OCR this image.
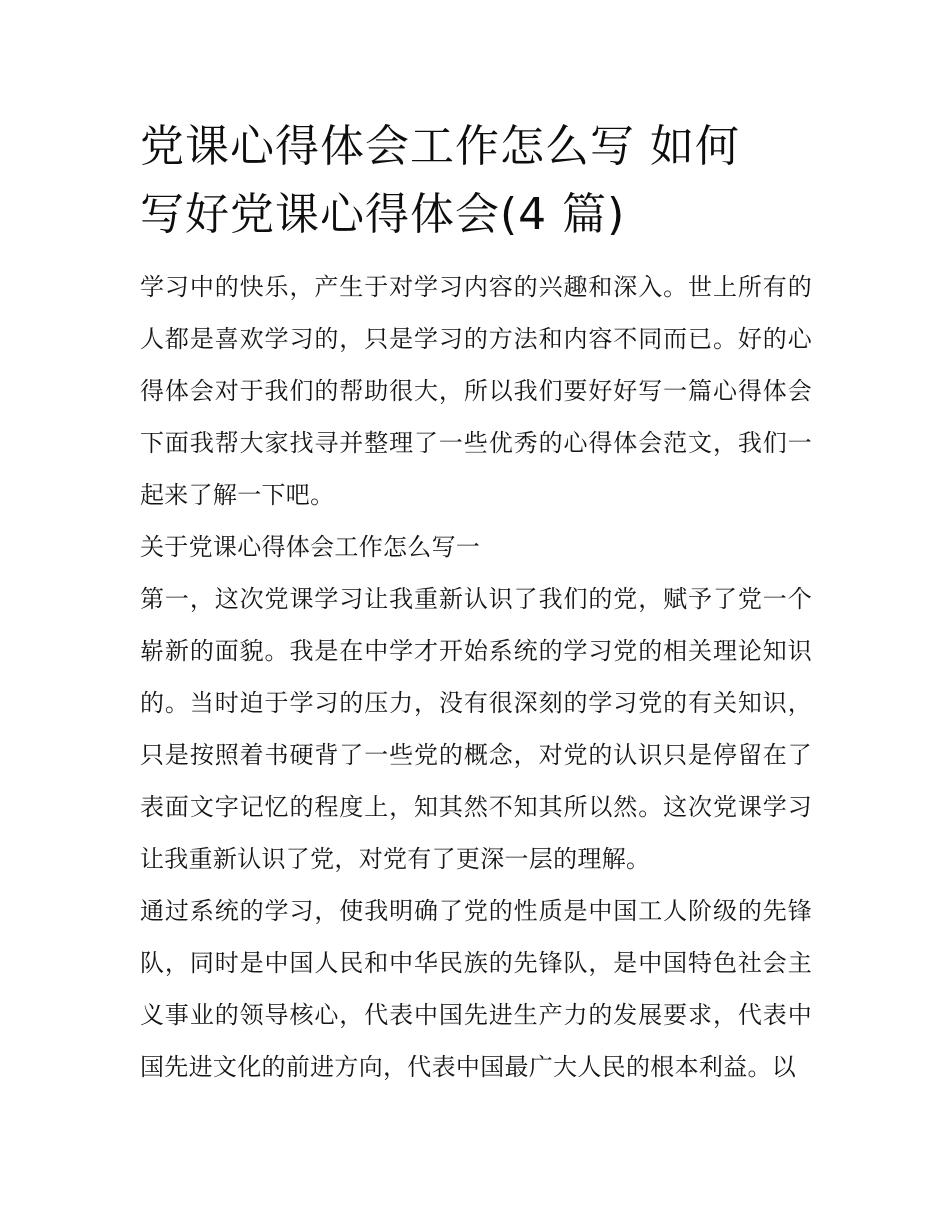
党课心得体会工作怎么写 如何
写好党课心得体会(4 篇)

学习中的快乐，产生于对学习内容的兴趣和深入。世上所有的人都是喜欢学习的，只是学习的方法和内容不同而已。好的心得体会对于我们的帮助很大，所以我们要好好写一篇心得体会下面我帮大家找寻并整理了一些优秀的心得体会范文，我们一起来了解一下吧。

关于党课心得体会工作怎么写一

第一，这次党课学习让我重新认识了我们的党，赋予了党一个崭新的面貌。我是在中学才开始系统的学习党的相关理论知识的。当时迫于学习的压力，没有很深刻的学习党的有关知识，只是按照着书硬背了一些党的概念，对党的认识只是停留在了表面文字记忆的程度上，知其然不知其所以然。这次党课学习让我重新认识了党，对党有了更深一层的理解。

通过系统的学习，使我明确了党的性质是中国工人阶级的先锋队，同时是中国人民和中华民族的先锋队，是中国特色社会主义事业的领导核心，代表中国先进生产力的发展要求，代表中国先进文化的前进方向，代表中国最广大人民的根本利益。以
